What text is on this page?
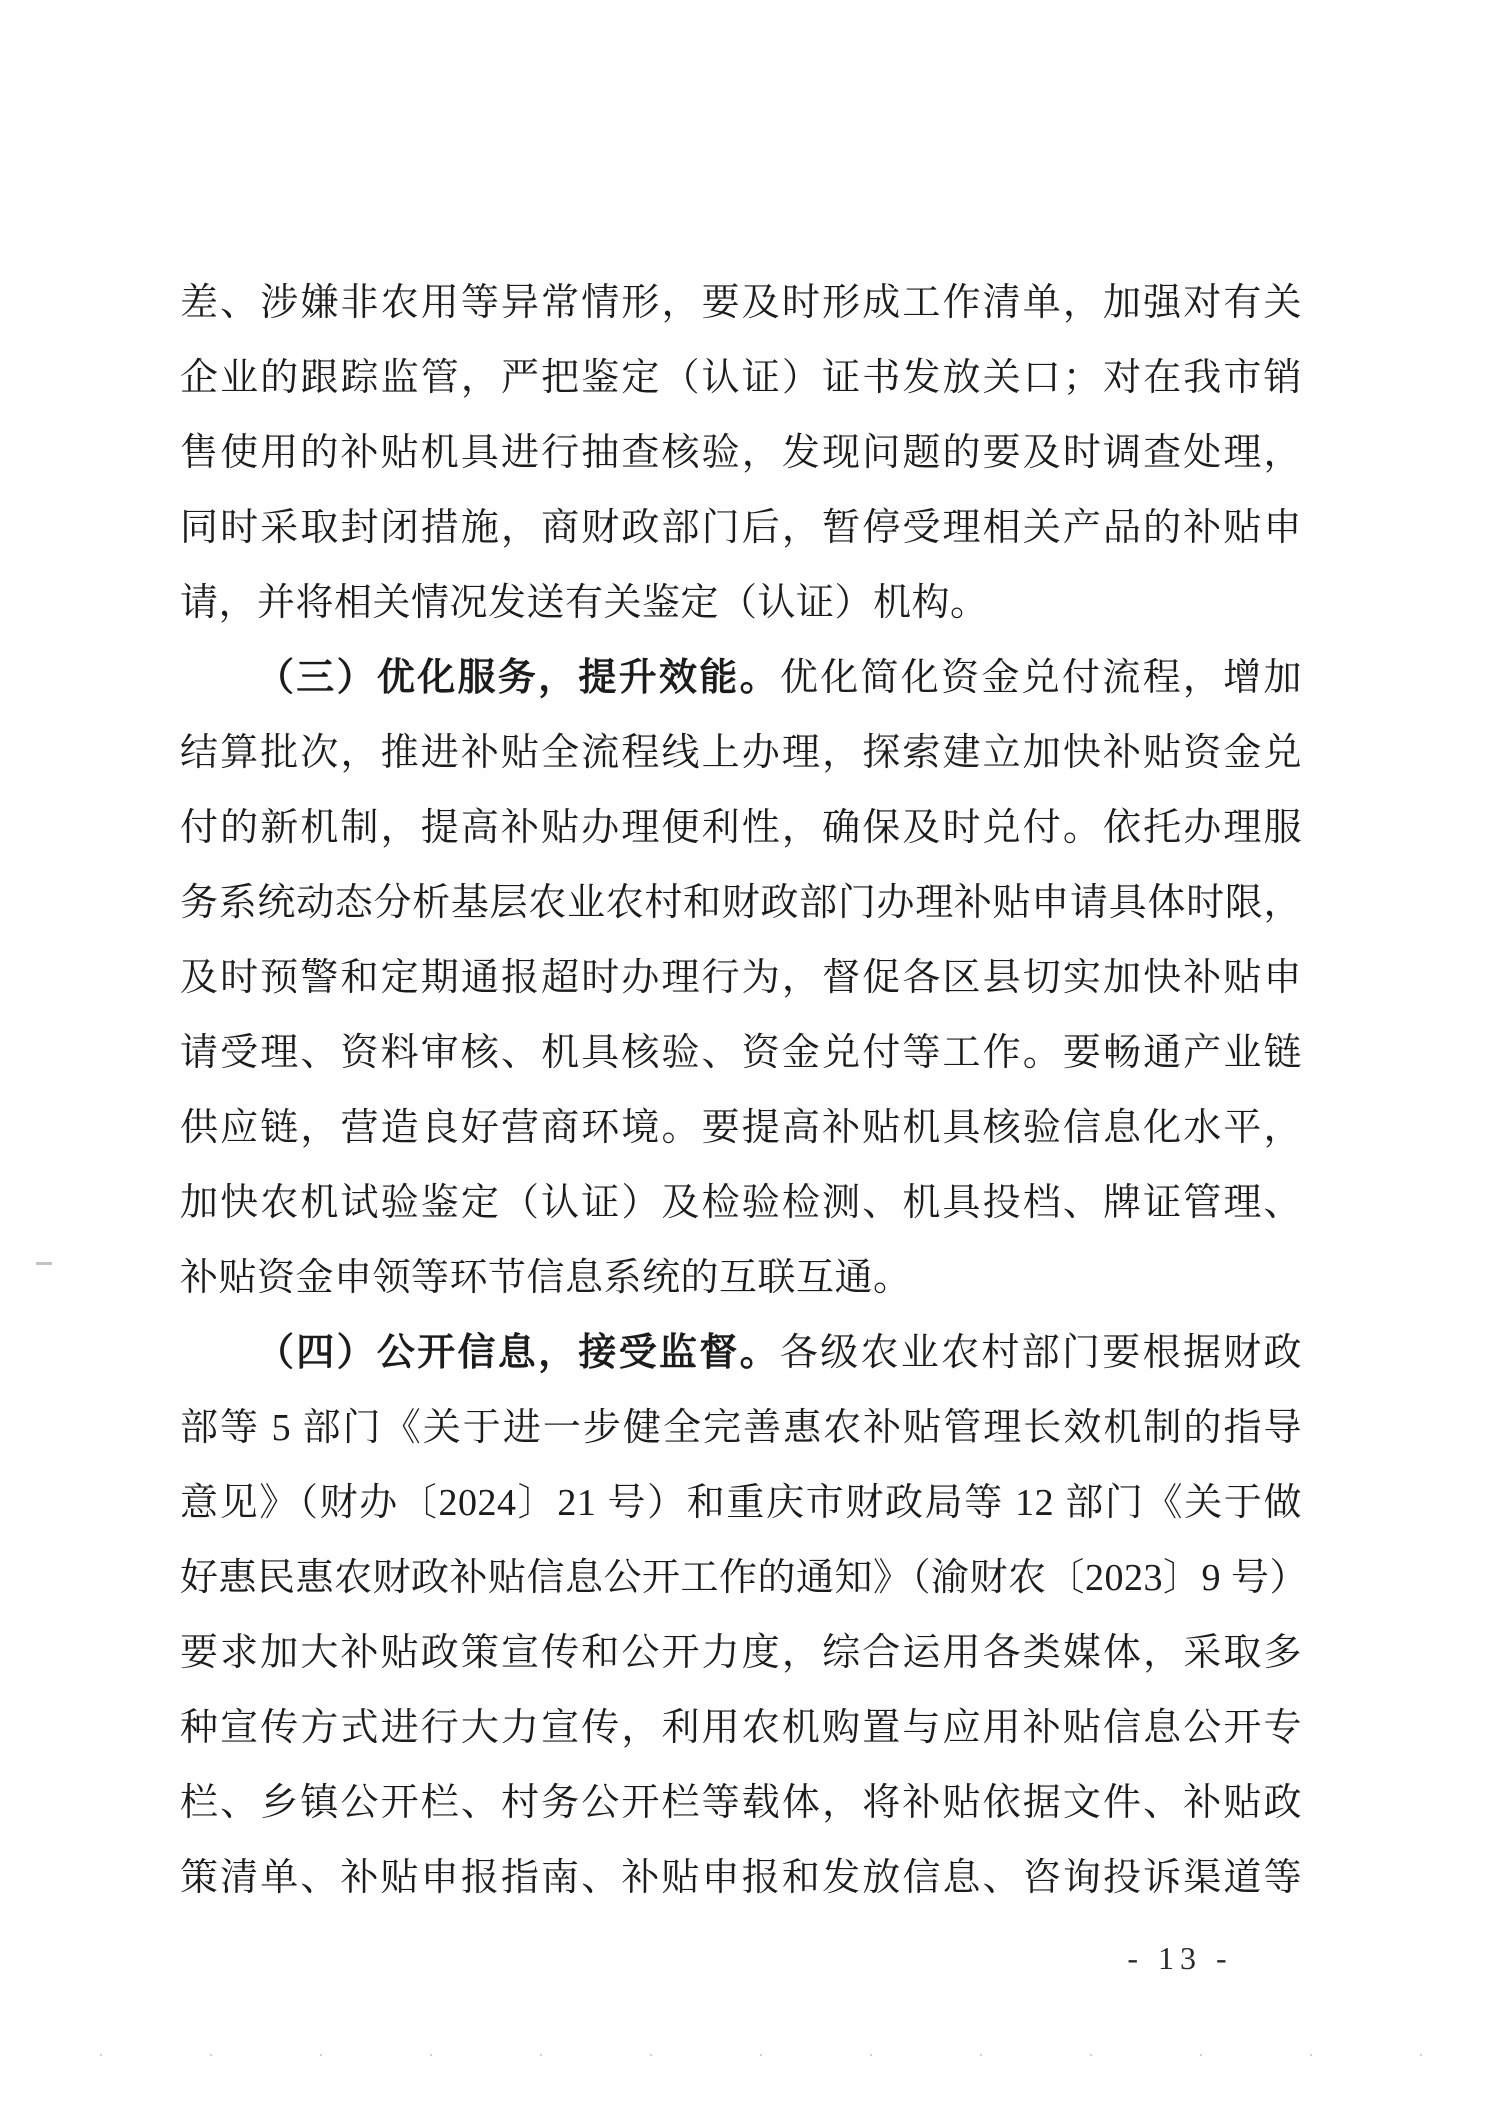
差、涉嫌非农用等异常情形，要及时形成工作清单，加强对有关
企业的跟踪监管，严把鉴定（认证）证书发放关口；对在我市销
售使用的补贴机具进行抽查核验，发现问题的要及时调查处理，
同时采取封闭措施，商财政部门后，暂停受理相关产品的补贴申
请，并将相关情况发送有关鉴定（认证）机构。
（三）优化服务，提升效能。优化简化资金兑付流程，增加
结算批次，推进补贴全流程线上办理，探索建立加快补贴资金兑
付的新机制，提高补贴办理便利性，确保及时兑付。依托办理服
务系统动态分析基层农业农村和财政部门办理补贴申请具体时限，
及时预警和定期通报超时办理行为，督促各区县切实加快补贴申
请受理、资料审核、机具核验、资金兑付等工作。要畅通产业链
供应链，营造良好营商环境。要提高补贴机具核验信息化水平，
加快农机试验鉴定（认证）及检验检测、机具投档、牌证管理、
补贴资金申领等环节信息系统的互联互通。
（四）公开信息，接受监督。各级农业农村部门要根据财政
部等 5 部门《关于进一步健全完善惠农补贴管理长效机制的指导
意见》（财办〔2024〕21 号）和重庆市财政局等 12 部门《关于做
好惠民惠农财政补贴信息公开工作的通知》（渝财农〔2023〕9 号）
要求加大补贴政策宣传和公开力度，综合运用各类媒体，采取多
种宣传方式进行大力宣传，利用农机购置与应用补贴信息公开专
栏、乡镇公开栏、村务公开栏等载体，将补贴依据文件、补贴政
策清单、补贴申报指南、补贴申报和发放信息、咨询投诉渠道等
- 13 -
